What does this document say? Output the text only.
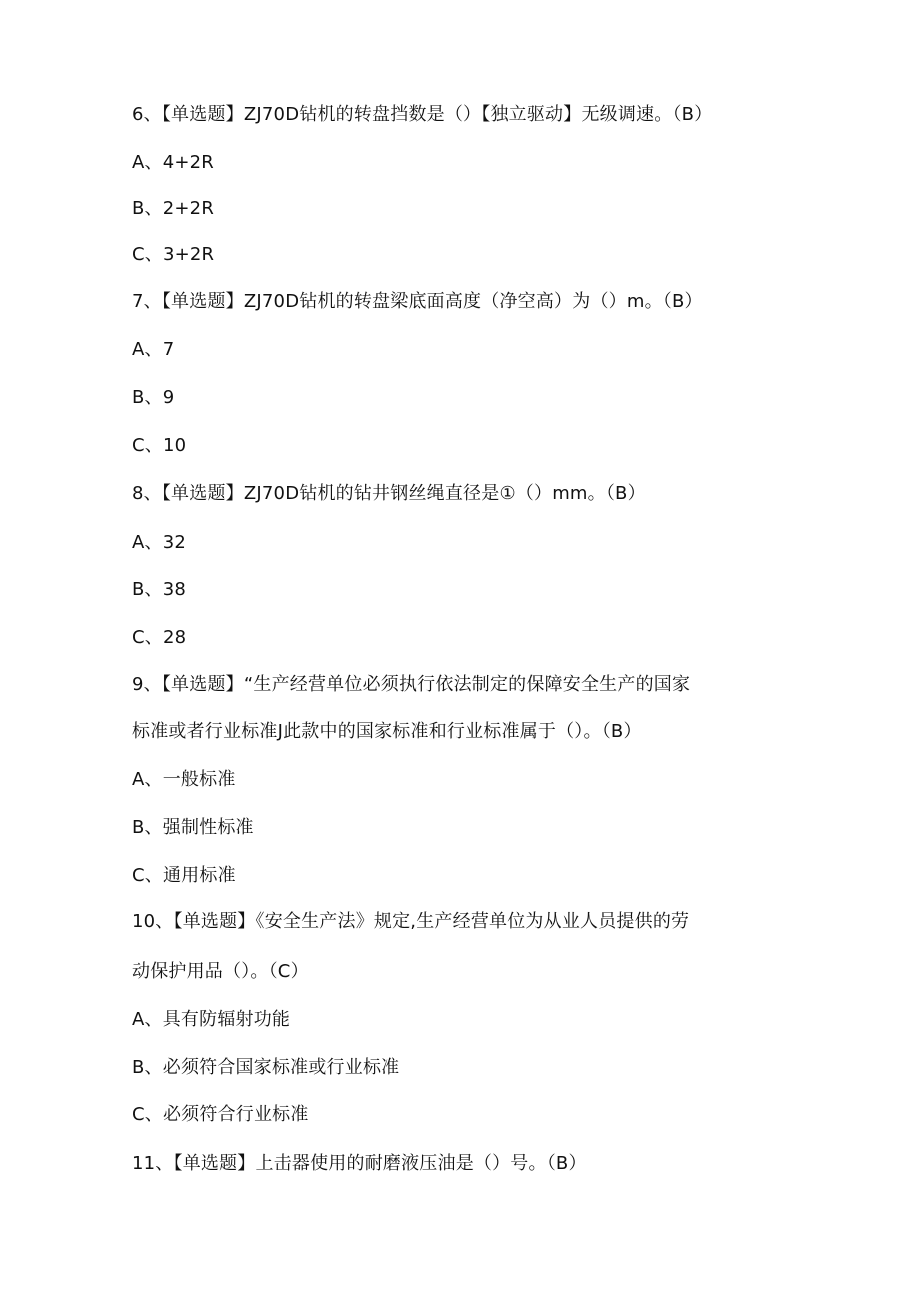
6、【单选题】ZJ70D钻机的转盘挡数是（）【独立驱动】无级调速。（B）
A、4+2R
B、2+2R
C、3+2R
7、【单选题】ZJ70D钻机的转盘梁底面高度（净空高）为（）m。（B）
A、7
B、9
C、10
8、【单选题】ZJ70D钻机的钻井钢丝绳直径是①（）mm。（B）
A、32
B、38
C、28
9、【单选题】“生产经营单位必须执行依法制定的保障安全生产的国家
标准或者行业标准J此款中的国家标准和行业标准属于（）。（B）
A、一般标准
B、强制性标准
C、通用标准
10、【单选题】《安全生产法》规定,生产经营单位为从业人员提供的劳
动保护用品（）。（C）
A、具有防辐射功能
B、必须符合国家标准或行业标准
C、必须符合行业标准
11、【单选题】上击器使用的耐磨液压油是（）号。（B）
